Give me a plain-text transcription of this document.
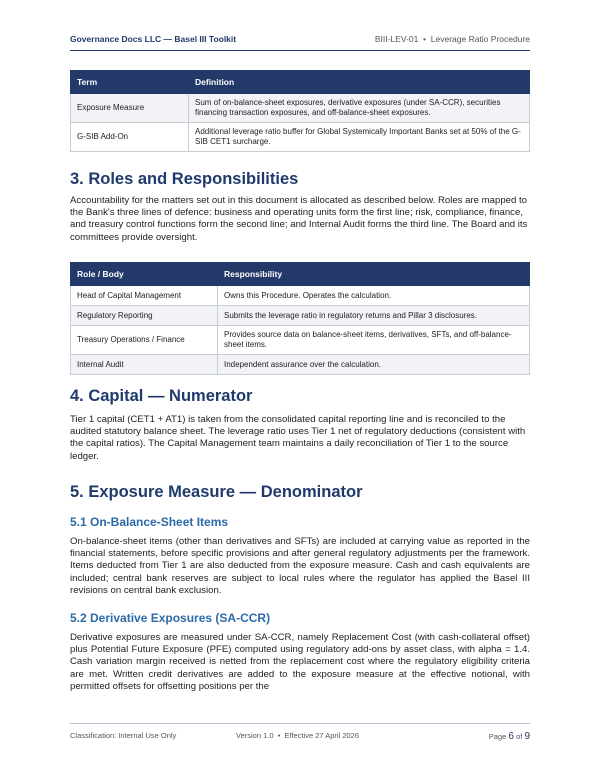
Governance Docs LLC — Basel III Toolkit	BIII-LEV-01 • Leverage Ratio Procedure
Term	Definition
Exposure Measure	Sum of on-balance-sheet exposures, derivative exposures (under SA-CCR), securities financing transaction exposures, and off-balance-sheet exposures.
G-SIB Add-On	Additional leverage ratio buffer for Global Systemically Important Banks set at 50% of the G-SIB CET1 surcharge.
3. Roles and Responsibilities

Accountability for the matters set out in this document is allocated as described below. Roles are mapped to the Bank's three lines of defence: business and operating units form the first line; risk, compliance, finance, and treasury control functions form the second line; and Internal Audit forms the third line. The Board and its committees provide oversight.

Role / Body	Responsibility
Head of Capital Management	Owns this Procedure. Operates the calculation.
Regulatory Reporting	Submits the leverage ratio in regulatory returns and Pillar 3 disclosures.
Treasury Operations / Finance	Provides source data on balance-sheet items, derivatives, SFTs, and off-balance-sheet items.
Internal Audit	Independent assurance over the calculation.
4. Capital — Numerator

Tier 1 capital (CET1 + AT1) is taken from the consolidated capital reporting line and is reconciled to the audited statutory balance sheet. The leverage ratio uses Tier 1 net of regulatory deductions (consistent with the capital ratios). The Capital Management team maintains a daily reconciliation of Tier 1 to the source ledger.

5. Exposure Measure — Denominator
5.1 On-Balance-Sheet Items

On-balance-sheet items (other than derivatives and SFTs) are included at carrying value as reported in the financial statements, before specific provisions and after general regulatory adjustments per the framework. Items deducted from Tier 1 are also deducted from the exposure measure. Cash and cash equivalents are included; central bank reserves are subject to local rules where the regulator has applied the Basel III revisions on central bank exclusion.

5.2 Derivative Exposures (SA-CCR)

Derivative exposures are measured under SA-CCR, namely Replacement Cost (with cash-collateral offset) plus Potential Future Exposure (PFE) computed using regulatory add-ons by asset class, with alpha = 1.4. Cash variation margin received is netted from the replacement cost where the regulatory eligibility criteria are met. Written credit derivatives are added to the exposure measure at the effective notional, with permitted offsets for offsetting positions per the

Classification: Internal Use Only	Version 1.0 • Effective 27 April 2026	Page 6 of 9
